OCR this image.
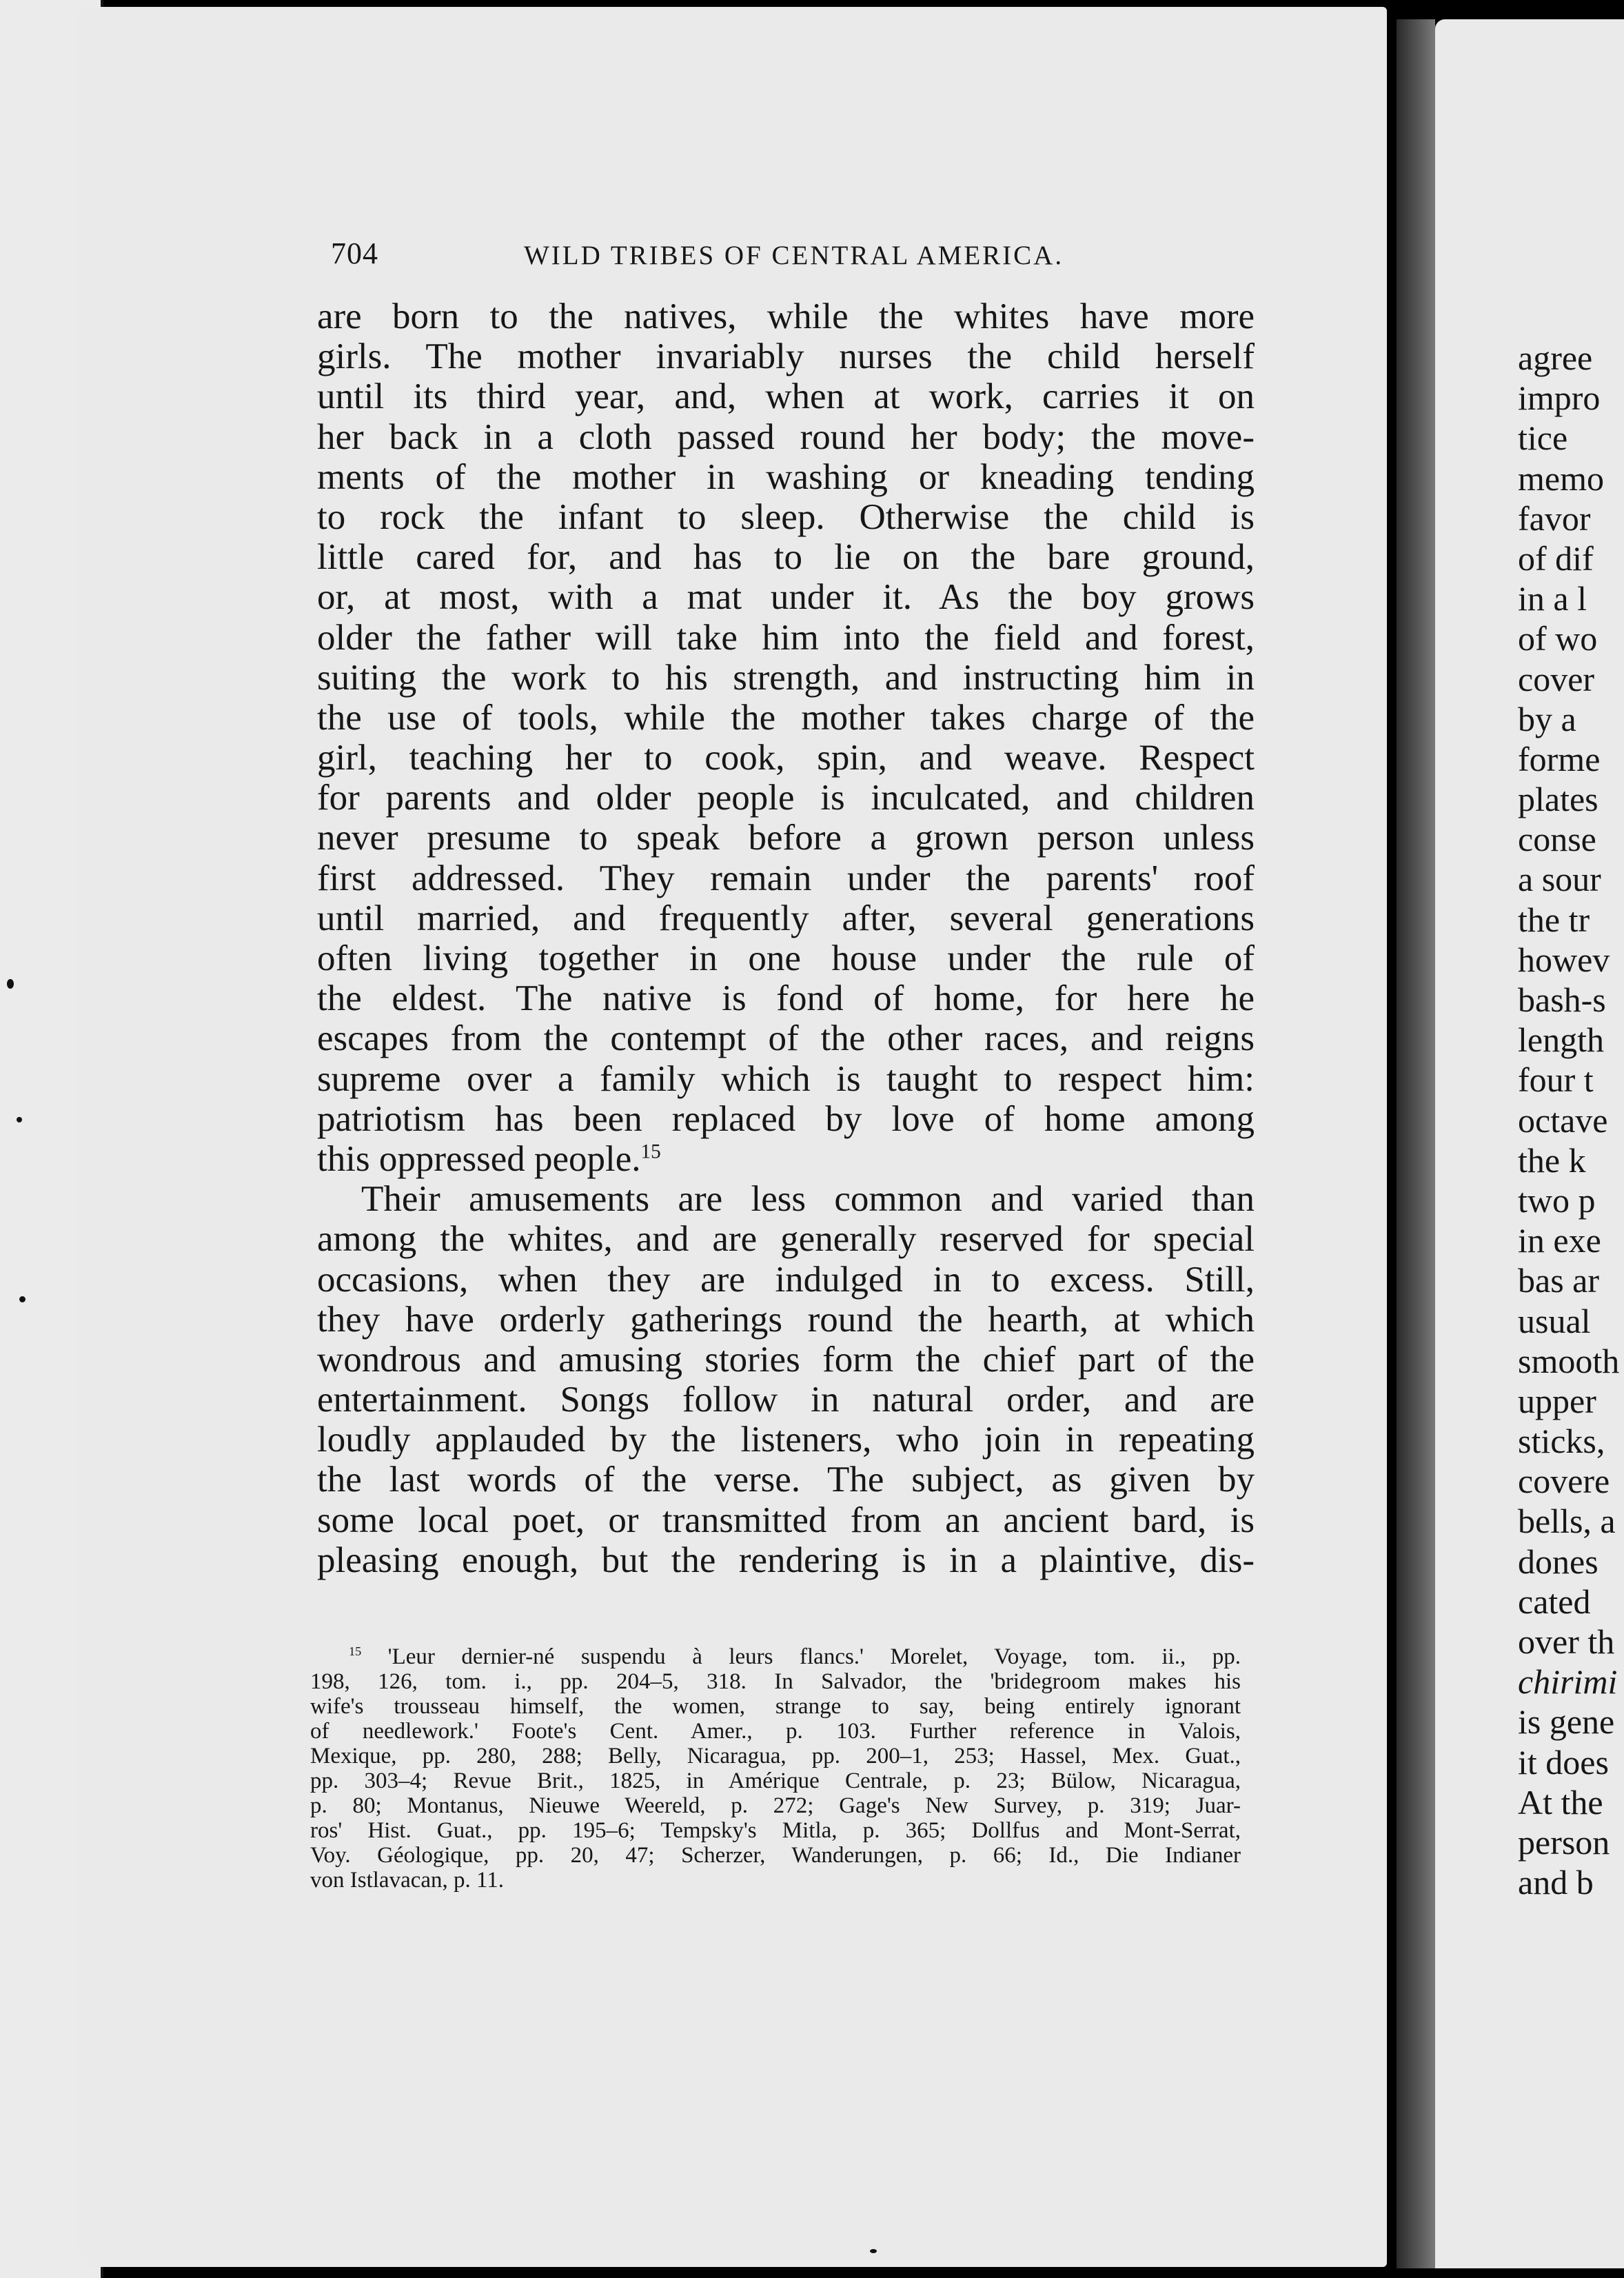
704	WILD TRIBES OF CENTRAL AMERICA.
are born to the natives, while the whites have more
girls. The mother invariably nurses the child herself
until its third year, and, when at work, carries it on
her back in a cloth passed round her body; the move-
ments of the mother in washing or kneading tending
to rock the infant to sleep. Otherwise the child is
little cared for, and has to lie on the bare ground,
or, at most, with a mat under it. As the boy grows
older the father will take him into the field and forest,
suiting the work to his strength, and instructing him in
the use of tools, while the mother takes charge of the
girl, teaching her to cook, spin, and weave. Respect
for parents and older people is inculcated, and children
never presume to speak before a grown person unless
first addressed. They remain under the parents' roof
until married, and frequently after, several generations
often living together in one house under the rule of
the eldest. The native is fond of home, for here he
escapes from the contempt of the other races, and reigns
supreme over a family which is taught to respect him:
patriotism has been replaced by love of home among
this oppressed people.$^{15}$
Their amusements are less common and varied than
among the whites, and are generally reserved for special
occasions, when they are indulged in to excess. Still,
they have orderly gatherings round the hearth, at which
wondrous and amusing stories form the chief part of the
entertainment. Songs follow in natural order, and are
loudly applauded by the listeners, who join in repeating
the last words of the verse. The subject, as given by
some local poet, or transmitted from an ancient bard, is
pleasing enough, but the rendering is in a plaintive, dis-
$^{15}$ 'Leur dernier-né suspendu à leurs flancs.' Morelet, Voyage, tom. ii., pp.
198, 126, tom. i., pp. 204–5, 318. In Salvador, the 'bridegroom makes his
wife's trousseau himself, the women, strange to say, being entirely ignorant
of needlework.' Foote's Cent. Amer., p. 103. Further reference in Valois,
Mexique, pp. 280, 288; Belly, Nicaragua, pp. 200–1, 253; Hassel, Mex. Guat.,
pp. 303–4; Revue Brit., 1825, in Amérique Centrale, p. 23; Bülow, Nicaragua,
p. 80; Montanus, Nieuwe Weereld, p. 272; Gage's New Survey, p. 319; Juar-
ros' Hist. Guat., pp. 195–6; Tempsky's Mitla, p. 365; Dollfus and Mont-Serrat,
Voy. Géologique, pp. 20, 47; Scherzer, Wanderungen, p. 66; Id., Die Indianer
von Istlavacan, p. 11.
agree
impro
tice
memo
favor
of dif
in a l
of wo
cover
by a
forme
plates
conse
a sour
the tr
howev
bash-s
length
four t
octave
the k
two p
in exe
bas ar
usual
smooth
upper
sticks,
covere
bells, a
dones
cated
over th
chirimi
is gene
it does
At the
person
and b
